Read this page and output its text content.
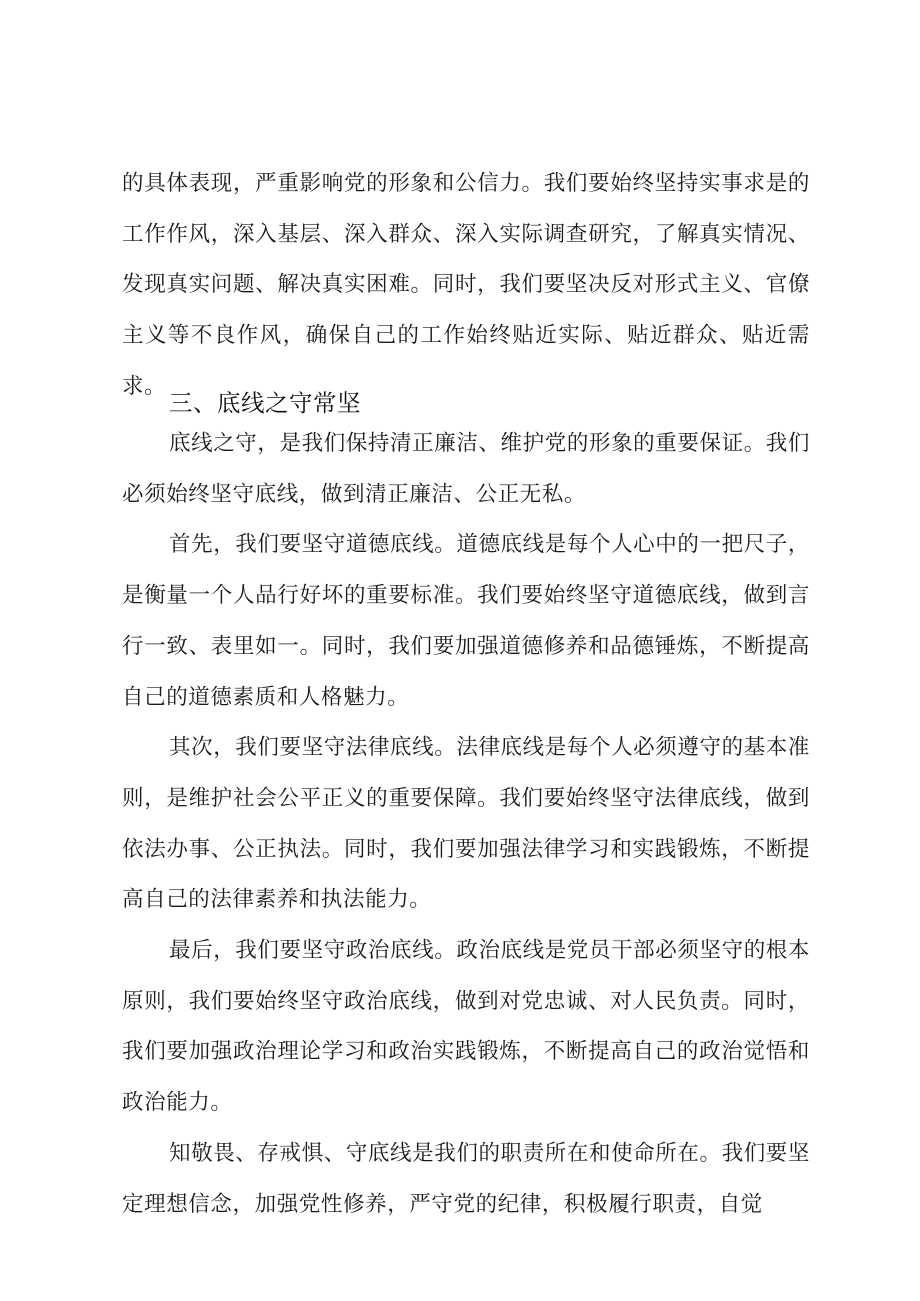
的具体表现，严重影响党的形象和公信力。我们要始终坚持实事求是的工作作风，深入基层、深入群众、深入实际调查研究，了解真实情况、发现真实问题、解决真实困难。同时，我们要坚决反对形式主义、官僚主义等不良作风，确保自己的工作始终贴近实际、贴近群众、贴近需求。

三、底线之守常坚

底线之守，是我们保持清正廉洁、维护党的形象的重要保证。我们必须始终坚守底线，做到清正廉洁、公正无私。

首先，我们要坚守道德底线。道德底线是每个人心中的一把尺子，是衡量一个人品行好坏的重要标准。我们要始终坚守道德底线，做到言行一致、表里如一。同时，我们要加强道德修养和品德锤炼，不断提高自己的道德素质和人格魅力。

其次，我们要坚守法律底线。法律底线是每个人必须遵守的基本准则，是维护社会公平正义的重要保障。我们要始终坚守法律底线，做到依法办事、公正执法。同时，我们要加强法律学习和实践锻炼，不断提高自己的法律素养和执法能力。

最后，我们要坚守政治底线。政治底线是党员干部必须坚守的根本原则，我们要始终坚守政治底线，做到对党忠诚、对人民负责。同时，我们要加强政治理论学习和政治实践锻炼，不断提高自己的政治觉悟和政治能力。

知敬畏、存戒惧、守底线是我们的职责所在和使命所在。我们要坚定理想信念，加强党性修养，严守党的纪律，积极履行职责，自觉
